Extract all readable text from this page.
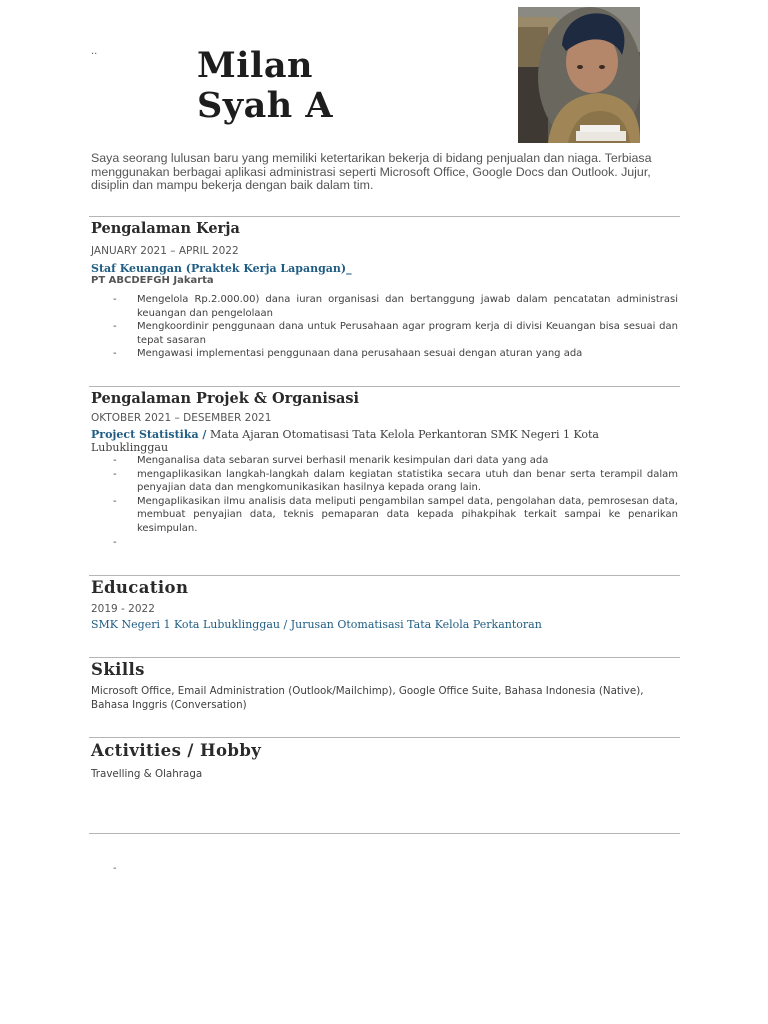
..	Milan
Syah A
Saya seorang lulusan baru yang memiliki ketertarikan bekerja di bidang penjualan dan niaga. Terbiasa menggunakan berbagai aplikasi administrasi seperti Microsoft Office, Google Docs dan Outlook. Jujur, disiplin dan mampu bekerja dengan baik dalam tim.
Pengalaman Kerja
JANUARY 2021 – APRIL 2022
Staf Keuangan (Praktek Kerja Lapangan)_
PT ABCDEFGH Jakarta
- Mengelola Rp.2.000.00) dana iuran organisasi dan bertanggung jawab dalam pencatatan administrasi keuangan dan pengelolaan
- Mengkoordinir penggunaan dana untuk Perusahaan agar program kerja di divisi Keuangan bisa sesuai dan tepat sasaran
- Mengawasi implementasi penggunaan dana perusahaan sesuai dengan aturan yang ada
Pengalaman Projek & Organisasi
OKTOBER 2021 – DESEMBER 2021
Project Statistika / Mata Ajaran Otomatisasi Tata Kelola Perkantoran SMK Negeri 1 Kota Lubuklinggau
- Menganalisa data sebaran survei berhasil menarik kesimpulan dari data yang ada
- mengaplikasikan langkah-langkah dalam kegiatan statistika secara utuh dan benar serta terampil dalam penyajian data dan mengkomunikasikan hasilnya kepada orang lain.
- Mengaplikasikan ilmu analisis data meliputi pengambilan sampel data, pengolahan data, pemrosesan data, membuat penyajian data, teknis pemaparan data kepada pihakpihak terkait sampai ke penarikan kesimpulan.
-
Education
2019 - 2022
SMK Negeri 1 Kota Lubuklinggau / Jurusan Otomatisasi Tata Kelola Perkantoran
Skills
Microsoft Office, Email Administration (Outlook/Mailchimp), Google Office Suite, Bahasa Indonesia (Native), Bahasa Inggris (Conversation)
Activities / Hobby
Travelling & Olahraga
-
